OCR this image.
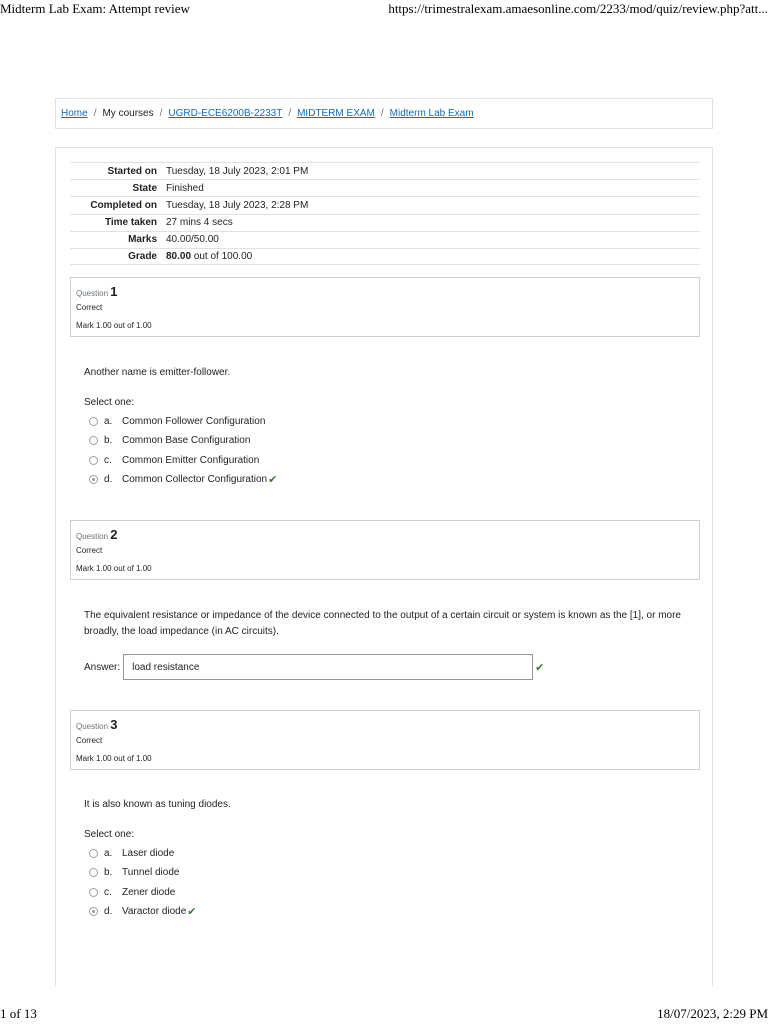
Midterm Lab Exam: Attempt review	https://trimestralexam.amaesonline.com/2233/mod/quiz/review.php?att...
Home / My courses / UGRD-ECE6200B-2233T / MIDTERM EXAM / Midterm Lab Exam
Started on Tuesday, 18 July 2023, 2:01 PM
State Finished
Completed on Tuesday, 18 July 2023, 2:28 PM
Time taken 27 mins 4 secs
Marks 40.00/50.00
Grade 80.00 out of 100.00
Question 1
Correct
Mark 1.00 out of 1.00
Another name is emitter-follower.
Select one:
a. Common Follower Configuration
b. Common Base Configuration
c.	Common Emitter Configuration
d. Common Collector Configuration ✔
Question 2
Correct
Mark 1.00 out of 1.00
The equivalent resistance or impedance of the device connected to the output of a certain circuit or system is known as the [1], or more broadly, the load impedance (in AC circuits).
Answer:	load resistance	✔
Question 3
Correct
Mark 1.00 out of 1.00
It is also known as tuning diodes.
Select one:
a. Laser diode
b. Tunnel diode
c.	Zener diode
d. Varactor diode ✔
1 of 13	18/07/2023, 2:29 PM
